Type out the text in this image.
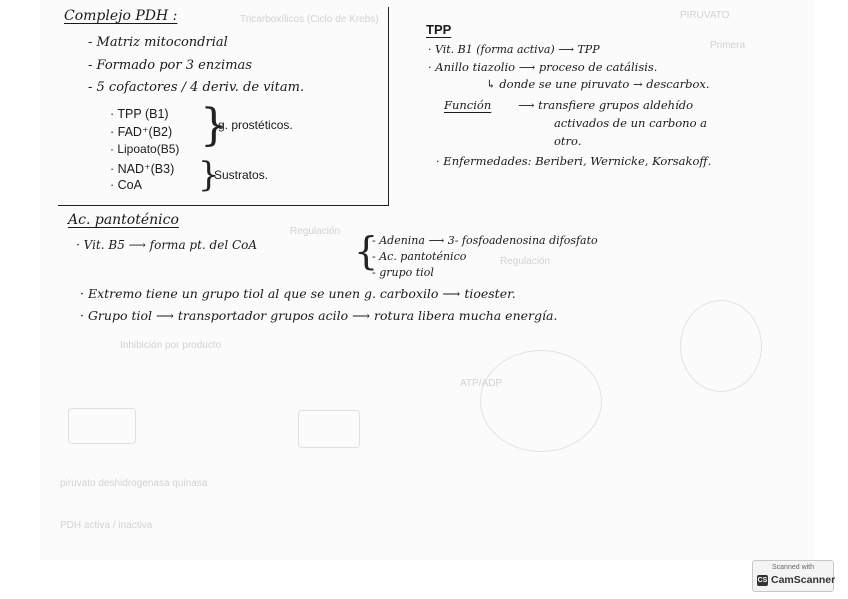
Tricarboxílicos (Ciclo de Krebs)	PIRUVATO
Primera
Regulación
Regulación
Inhibición por producto
ATP/ADP
piruvato deshidrogenasa quinasa
PDH activa / inactiva
Complejo PDH :
- Matriz mitocondrial
- Formado por 3 enzimas
- 5 cofactores / 4 deriv. de vitam.
· TPP (B1)
· FAD⁺(B2)
· Lipoato(B5) }
g. prostéticos.
· NAD⁺(B3)
· CoA }
Sustratos.
TPP
· Vit. B1 (forma activa) ⟶ TPP
· Anillo tiazolio ⟶ proceso de catálisis.
↳ donde se une piruvato → descarbox.
Función ⟶ transfiere grupos aldehído
activados de un carbono a
otro.
· Enfermedades: Beriberi, Wernicke, Korsakoff.
Ac. pantoténico
· Vit. B5 ⟶ forma pt. del CoA	{
- Adenina ⟶ 3- fosfoadenosina difosfato
- Ac. pantoténico
- grupo tiol
· Extremo tiene un grupo tiol al que se unen g. carboxilo ⟶ tioester.
· Grupo tiol ⟶ transportador grupos acilo ⟶ rotura libera mucha energía.
Scanned with
CS CamScanner
